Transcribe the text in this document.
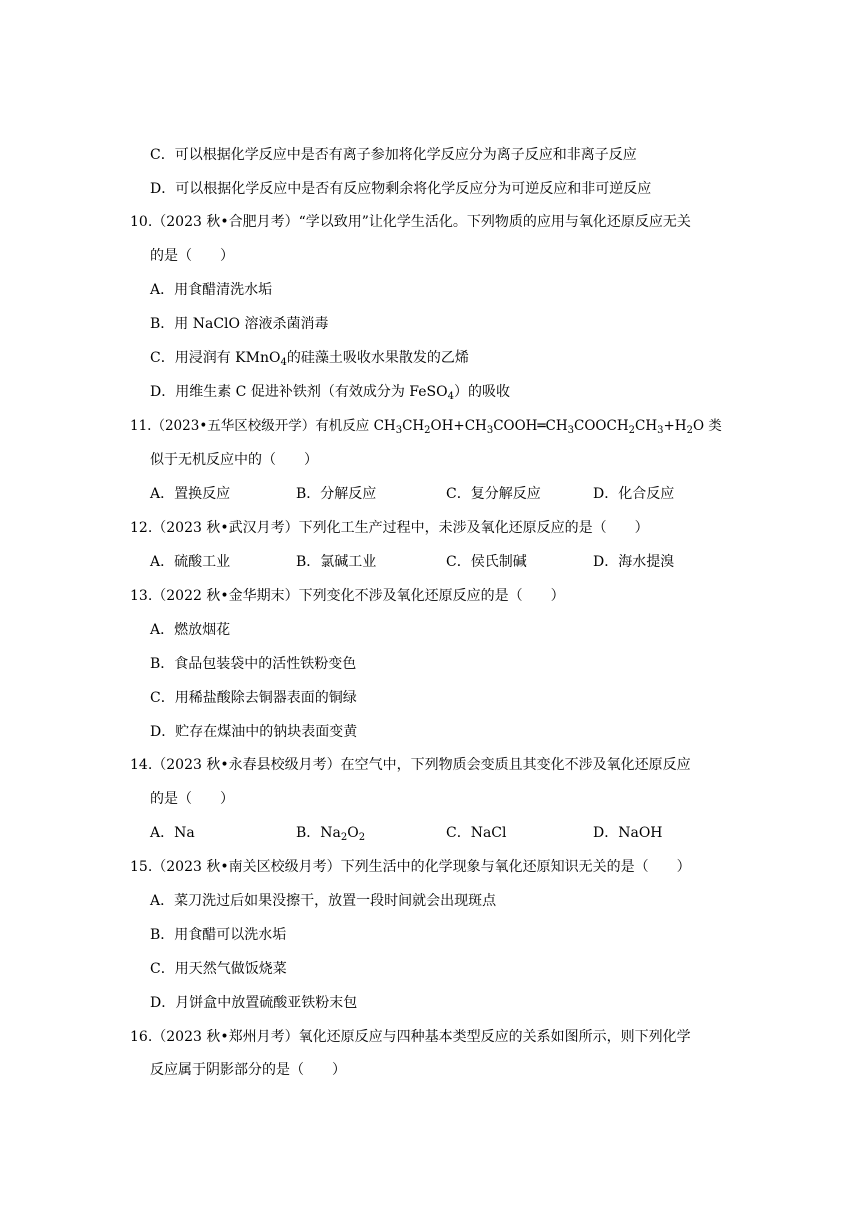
C．可以根据化学反应中是否有离子参加将化学反应分为离子反应和非离子反应
D．可以根据化学反应中是否有反应物剩余将化学反应分为可逆反应和非可逆反应
10.（2023 秋•合肥月考）“学以致用”让化学生活化。下列物质的应用与氧化还原反应无关
的是（　　）
A．用食醋清洗水垢
B．用 NaClO 溶液杀菌消毒
C．用浸润有 KMnO$_4$的硅藻土吸收水果散发的乙烯
D．用维生素 C 促进补铁剂（有效成分为 FeSO$_4$）的吸收
11.（2023•五华区校级开学）有机反应 $CH_3CH_2OH+CH_3COOH═CH_3COOCH_2CH_3+H_2O$ 类
似于无机反应中的（　　）
A．置换反应	B．分解反应	C．复分解反应	D．化合反应
12.（2023 秋•武汉月考）下列化工生产过程中，未涉及氧化还原反应的是（　　）
A．硫酸工业	B．氯碱工业	C．侯氏制碱	D．海水提溴
13.（2022 秋•金华期末）下列变化不涉及氧化还原反应的是（　　）
A．燃放烟花
B．食品包装袋中的活性铁粉变色
C．用稀盐酸除去铜器表面的铜绿
D．贮存在煤油中的钠块表面变黄
14.（2023 秋•永春县校级月考）在空气中，下列物质会变质且其变化不涉及氧化还原反应
的是（　　）
A．Na	B．$Na_2O_2$	C．NaCl	D．NaOH
15.（2023 秋•南关区校级月考）下列生活中的化学现象与氧化还原知识无关的是（　　）
A．菜刀洗过后如果没擦干，放置一段时间就会出现斑点
B．用食醋可以洗水垢
C．用天然气做饭烧菜
D．月饼盒中放置硫酸亚铁粉末包
16.（2023 秋•郑州月考）氧化还原反应与四种基本类型反应的关系如图所示，则下列化学
反应属于阴影部分的是（　　）
